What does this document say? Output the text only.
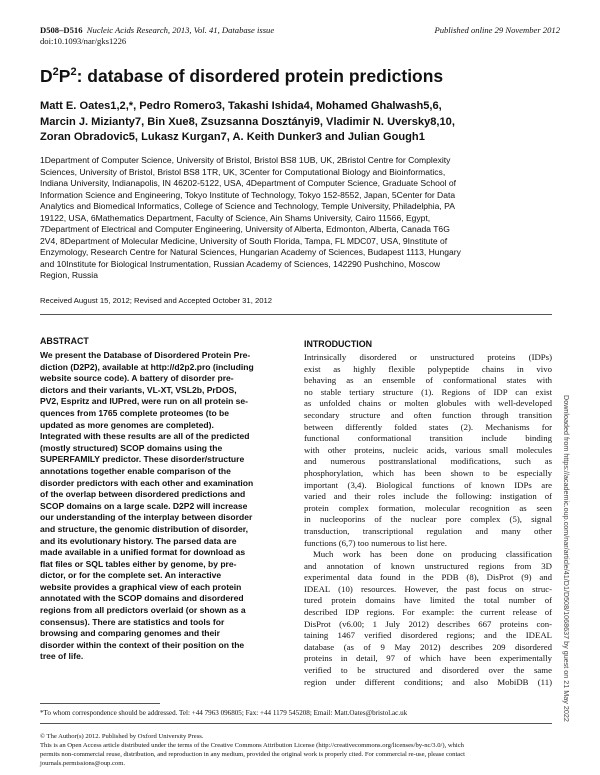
D508–D516 Nucleic Acids Research, 2013, Vol. 41, Database issue
doi:10.1093/nar/gks1226
Published online 29 November 2012
$D^2P^2$: database of disordered protein predictions
Matt E. Oates1,2,*, Pedro Romero3, Takashi Ishida4, Mohamed Ghalwash5,6,
Marcin J. Mizianty7, Bin Xue8, Zsuzsanna Dosztányi9, Vladimir N. Uversky8,10,
Zoran Obradovic5, Lukasz Kurgan7, A. Keith Dunker3 and Julian Gough1
1Department of Computer Science, University of Bristol, Bristol BS8 1UB, UK, 2Bristol Centre for Complexity
Sciences, University of Bristol, Bristol BS8 1TR, UK, 3Center for Computational Biology and Bioinformatics,
Indiana University, Indianapolis, IN 46202-5122, USA, 4Department of Computer Science, Graduate School of
Information Science and Engineering, Tokyo Institute of Technology, Tokyo 152-8552, Japan, 5Center for Data
Analytics and Biomedical Informatics, College of Science and Technology, Temple University, Philadelphia, PA
19122, USA, 6Mathematics Department, Faculty of Science, Ain Shams University, Cairo 11566, Egypt,
7Department of Electrical and Computer Engineering, University of Alberta, Edmonton, Alberta, Canada T6G
2V4, 8Department of Molecular Medicine, University of South Florida, Tampa, FL MDC07, USA, 9Institute of
Enzymology, Research Centre for Natural Sciences, Hungarian Academy of Sciences, Budapest 1113, Hungary
and 10Institute for Biological Instrumentation, Russian Academy of Sciences, 142290 Pushchino, Moscow
Region, Russia
Received August 15, 2012; Revised and Accepted October 31, 2012
ABSTRACT
We present the Database of Disordered Protein Pre-
diction (D2P2), available at http://d2p2.pro (including
website source code). A battery of disorder pre-
dictors and their variants, VL-XT, VSL2b, PrDOS,
PV2, Espritz and IUPred, were run on all protein se-
quences from 1765 complete proteomes (to be
updated as more genomes are completed).
Integrated with these results are all of the predicted
(mostly structured) SCOP domains using the
SUPERFAMILY predictor. These disorder/structure
annotations together enable comparison of the
disorder predictors with each other and examination
of the overlap between disordered predictions and
SCOP domains on a large scale. D2P2 will increase
our understanding of the interplay between disorder
and structure, the genomic distribution of disorder,
and its evolutionary history. The parsed data are
made available in a unified format for download as
flat files or SQL tables either by genome, by pre-
dictor, or for the complete set. An interactive
website provides a graphical view of each protein
annotated with the SCOP domains and disordered
regions from all predictors overlaid (or shown as a
consensus). There are statistics and tools for
browsing and comparing genomes and their
disorder within the context of their position on the
tree of life.
INTRODUCTION
Intrinsically disordered or unstructured proteins (IDPs)
exist as highly flexible polypeptide chains in vivo
behaving as an ensemble of conformational states with
no stable tertiary structure (1). Regions of IDP can exist
as unfolded chains or molten globules with well-developed
secondary structure and often function through transition
between differently folded states (2). Mechanisms for
functional conformational transition include binding
with other proteins, nucleic acids, various small molecules
and numerous posttranslational modifications, such as
phosphorylation, which has been shown to be especially
important (3,4). Biological functions of known IDPs are
varied and their roles include the following: instigation of
protein complex formation, molecular recognition as seen
in nucleoporins of the nuclear pore complex (5), signal
transduction, transcriptional regulation and many other
functions (6,7) too numerous to list here.
Much work has been done on producing classification
and annotation of known unstructured regions from 3D
experimental data found in the PDB (8), DisProt (9) and
IDEAL (10) resources. However, the past focus on struc-
tured protein domains have limited the total number of
described IDP regions. For example: the current release of
DisProt (v6.00; 1 July 2012) describes 667 proteins con-
taining 1467 verified disordered regions; and the IDEAL
database (as of 9 May 2012) describes 209 disordered
proteins in detail, 97 of which have been experimentally
verified to be structured and disordered over the same
region under different conditions; and also MobiDB (11)
*To whom correspondence should be addressed. Tel: +44 7963 096805; Fax: +44 1179 545208; Email: Matt.Oates@bristol.ac.uk
© The Author(s) 2012. Published by Oxford University Press.
This is an Open Access article distributed under the terms of the Creative Commons Attribution License (http://creativecommons.org/licenses/by-nc/3.0/), which
permits non-commercial reuse, distribution, and reproduction in any medium, provided the original work is properly cited. For commercial re-use, please contact
journals.permissions@oup.com.
Downloaded from https://academic.oup.com/nar/article/41/D1/D508/1068637 by guest on 21 May 2022
